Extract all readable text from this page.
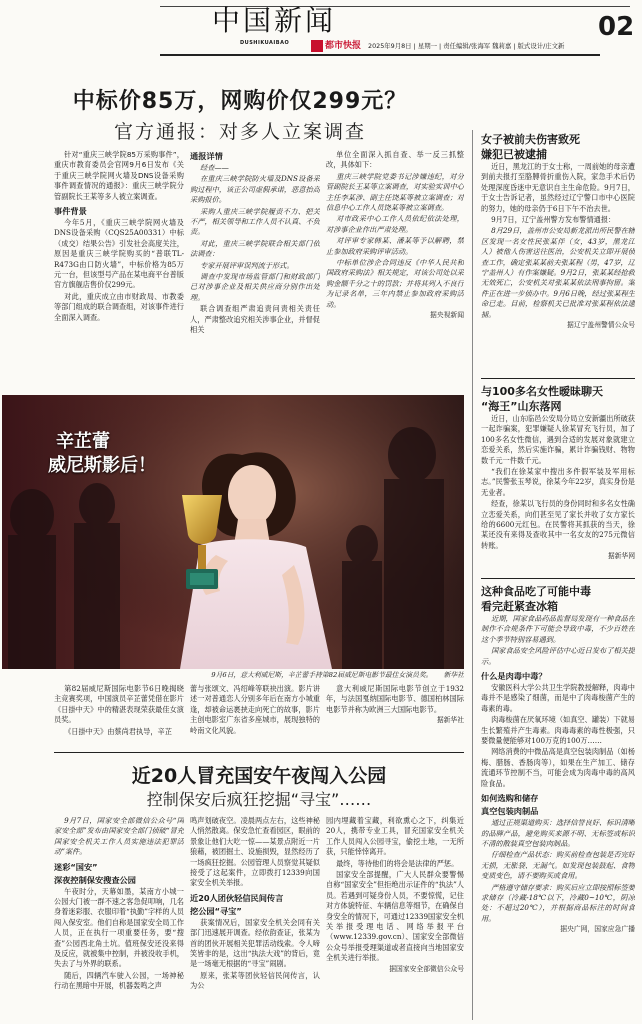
中国新闻
DUSHIKUAIBAO	都市快报 2025年9月8日 | 星期一 | 责任编辑/张海军 魏莉嘉 | 版式设计/庄文新
02
中标价85万，网购价仅299元？
官方通报：对多人立案调查

针对“重庆三峡学院85万采购事件”，重庆市教育委员会官网9月6日发布《关于重庆三峡学院网火墙及DNS设备采购事件调查情况的通报》：重庆三峡学院分管副院长王某等多人被立案调查。

事件背景

今年5月，《重庆三峡学院网火墙及DNS设备采购（CQS25A00331）中标（成交）结果公告》引发社会高度关注，原因是重庆三峡学院购买的“普联TL-R473G由口防火墙”，中标价格为85万元一台，但该型号产品在某电商平台普版官方旗舰店售价仅299元。

对此，重庆成立由市财政局、市教委等部门组成的联合调查组，对该事件进行全面深入调查。

通报详情

经查——

在重庆三峡学院防火墙及DNS设备采购过程中，该正公司虚假承诺，恶意抬高采购报价。

采购人重庆三峡学院履责不力、把关不严，相关领导和工作人员不认真、不负责。

对此，重庆三峡学院联合相关部门依法调查：

专家开展评审误判流于形式。

调查中发现市场监管部门和财政部门已对涉事企业及相关供应商分别作出处理。

联合调查组严肃追责问责相关责任人，严肃整改追究相关涉事企业，并督促相关

单位全面深入抓自查、举一反三抓整改，具体如下：

重庆三峡学院党委书记涉嫌违纪，对分管副院长王某等立案调查，对实验实训中心主任李某涉、副主任饶某等被立案调查；对信息中心工作人员饶某等被立案调查。

对市政采中心工作人员依纪依法处理，对涉事企业作出严肃处理。

对评审专家韩某、潘某等予以解聘，禁止参加政府采购评审活动。

中标单位涉企合同违反《中华人民共和国政府采购法》相关规定，对该公司处以采购金额千分之十的罚款；并将其列入不良行为记录名单，三年内禁止参加政府采购活动。

据央视新闻
辛芷蕾
威尼斯影后！
9月6日，意大利威尼斯，辛芷蕾手持第82届威尼斯电影节最佳女演员奖。 　 新华社

第82届威尼斯国际电影节6日晚揭晓主竞赛奖项，中国演员辛芷蕾凭借在影片《日掛中天》中的精湛表现荣获最佳女演员奖。

《日掛中天》由蔡尚君执导，辛芷

蕾与张颂文、冯绍峰等联袂出演。影片讲述一对普通恋人分别多年后在南方小城重逢，却被命运裹挟走向死亡的故事，影片主创电影室广东省多座城市，展现独特的岭南文化风貌。

意大利威尼斯国际电影节创立于1932年，与法国戛纳国际电影节、德国柏林国际电影节并称为欧洲三大国际电影节。

据新华社
近20人冒充国安午夜闯入公园
控制保安后疯狂挖掘“寻宝”……

9月7日，国家安全部微信公众号“国家安全部”发布由国家安全部门侦破“冒充国家安全机关工作人员实施违法犯罪活动”案件。

迷彩“国安”
深夜控制保安搜查公园

午夜时分，天幕如墨，某南方小城一公园大门被一群不速之客急促叩响，几名身着迷彩服、衣服印着“执勤”字样的人员闯入保安室。他们自称是国家安全局工作人员，正在执行一项重要任务，要“搜查”公园西北角土坑。值班保安还没来得及反应，就被集中控制，并被没收手机，失去了与外界的联系。

随后，四辆汽车驶入公园，一场神秘行动在黑暗中开展，机器轰鸣之声

鸣声划破夜空。凌晨两点左右，这些神秘人悄然散离。保安急忙查看园区，眼前的景象让他们大吃一惊——某景点附近一片狼藉，被团掘土、设施损毁，显然经历了一场疯狂挖掘。公园管理人员察觉其疑似接受了这起案件，立即拨打12339向国家安全机关举报。

近20人团伙轻信民间传言
挖公园“寻宝”

获案情况后，国家安全机关会同有关部门迅速展开调查。经依韵查证，张某为首的团伙开展相关犯罪活动线索。令人啼笑皆非的是，这出“执法大戏”的背后，竟是一场毫无根据的“寻宝”闹剧。

原来，张某等团伙轻信民间传言，认为公

园内埋藏着宝藏，利欲熏心之下，纠集近20人，携带专业工具，冒充国家安全机关工作人员闯入公园寻宝，偷挖土地，一无所获，只能悻悻离开。

最终，等待他们的将会是法律的严惩。

国家安全部提醒，广大人民群众要警惕自称“国家安全”但拒绝出示证件的“执法”人员。若遇到可疑身份人员，不要惊慌，记住对方体貌特征、车辆信息等细节，在确保自身安全的情况下，可通过12339国家安全机关举报受理电话、网络举报平台（www.12339.gov.cn）、国家安全部微信公众号举报受理渠道或者直接向当地国家安全机关进行举报。

据国家安全部微信公众号
女子被前夫伤害致死
嫌犯已被逮捕

近日，黑龙江的于女士称，一周前她的母亲遭到前夫报打至胳膊骨折重伤入院，家急手术后仍处理深度昏迷中无意识自主生命危险。9月7日，于女士告诉记者，虽然经过辽宁警口市中心医院的努力，她的母亲仍于6日下午不治去世。

9月7日，辽宁盖州警方发布警情通报：

8月29日，盖州市公安局新龙派出所民警在辖区发现一名女性民张某伴（女，43岁，黑龙江人）被他人伤害送往医治，公安机关立即开展侦查工作，确定张某某前夫张某程（男，47岁，辽宁盖州人）有作案嫌疑。9月2日，张某某经抢救无效死亡，公安机关对张某某依法刑事拘留。案件正在进一步侦办中。9月6日晚，经过张某程生命已走。目前，检察机关已批准对张某程依法逮捕。

据辽宁盖州警情公众号
与100多名女性暧昧聊天
“海王”山东落网

近日，山东临邑公安局分局立安新疆出所破获一起诈骗案，犯罪嫌疑人徐某冒充飞行员，加了100多名女性微信，遇到合适的发展对象就建立恋爱关系，然后实施诈骗，累计诈骗钱财、物物数千元一件数千元。

“我们在徐某家中搜出多件假军装及军用标志。”民警张玉琴说，徐某今年22岁，真实身份是无业者。

经查，徐某以飞行员的身份同时和多名女性确立恋爱关系，向们甚至见了家长并收了女方家长给的6600元红包。在民警将其抓获的当天，徐某还没有来得及查收其中一名女友的275元微信转账。

据新华网
这种食品吃了可能中毒
看完赶紧查冰箱

近期，国家食品药品监督局发现有一种食品在制作不合规条件下可能会导致中毒，不少百姓在这个季节特别容易遇到。

国家食品安全风险评估中心近日发布了相关提示。

什么是肉毒中毒？

安徽医科大学公共卫生学院教授解释，肉毒中毒并不是感染了细菌，而是中了肉毒梭菌产生的毒素的毒。

肉毒梭菌在厌氧环境（如真空、罐装）下就易生长繁殖并产生毒素。肉毒毒素的毒性极强，只要微量便能够对100万克的100万……

网络消费的中微品高是真空包装肉制品（如杨梅、腊肠、香肠肉等），如果在生产加工、储存流通环节控制不当，可能会成为肉毒中毒的高风险食品。

如何选购和储存
真空包装肉制品

通过正规渠道购买：选择信誉良好、标识清晰的品牌产品，避免购买来源不明、无标签或标识不清的散装真空包装肉制品。

仔细检查产品状态：购买前检查包装是否完好无损，无胀袋、无漏气。如发现包装鼓起、食物变质变色，请不要购买或食用。

严格遵守储存要求：购买后应立即按照标签要求储存（冷藏-18℃以下，冷藏0~10℃，阴凉处：不超过20℃），并根据商品标注的时间食用。

据央广网，国家应急广播
